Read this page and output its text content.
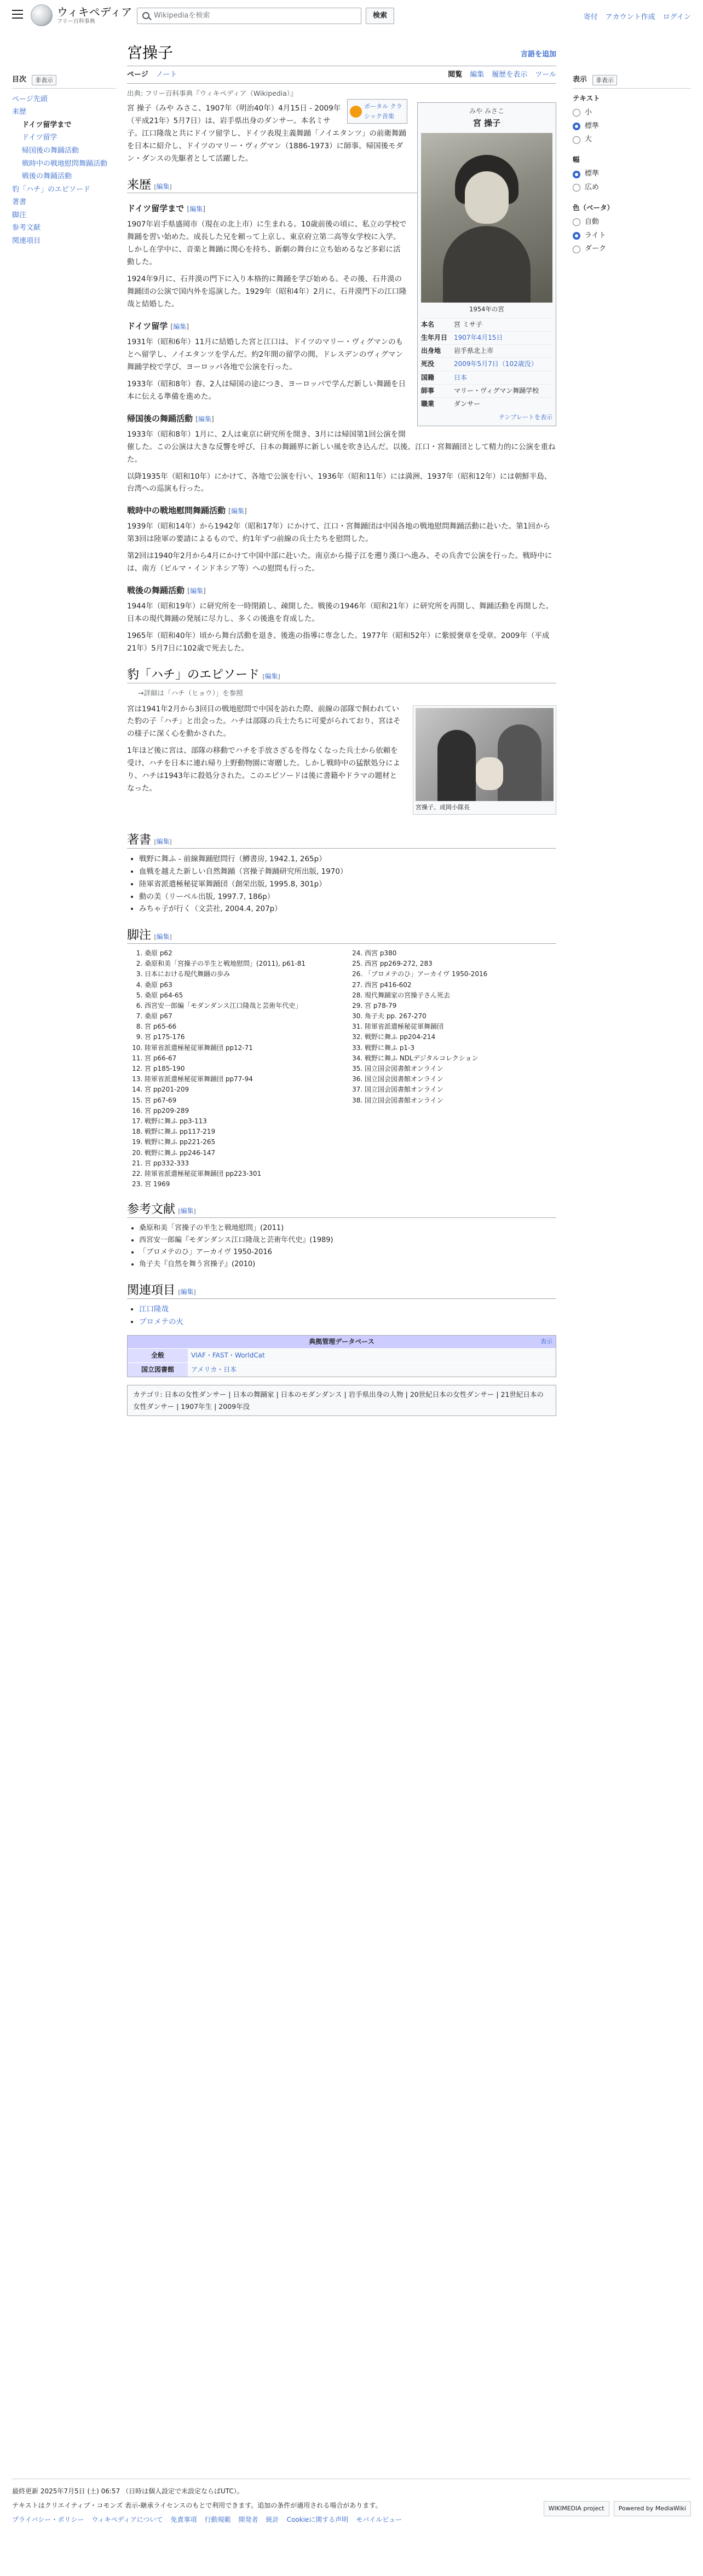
ウィキペディア
フリー百科事典
Wikipediaを検索	検索	寄付 アカウント作成 ログイン
目次	非表示
ページ先頭
来歴
ドイツ留学まで
ドイツ留学
帰国後の舞踊活動
戦時中の戦地慰問舞踊活動
戦後の舞踊活動
豹「ハチ」のエピソード
著書
脚注
参考文献
関連項目
宮操子	言語を追加
ページ ノート	閲覧 編集 履歴を表示 ツール
出典: フリー百科事典『ウィキペディア（Wikipedia）』
みや みさこ
宮 操子
1954年の宮
本名	宮 ミサ子
生年月日 1907年4月15日
出身地	岩手県北上市
死没	2009年5月7日（102歳没）
国籍	日本
師事	マリー・ヴィグマン舞踊学校
職業	ダンサー
テンプレートを表示
ポータル クラシック音楽

宮 操子（みや みさこ、1907年（明治40年）4月15日 - 2009年（平成21年）5月7日）は、岩手県出身のダンサー。本名ミサ子。江口隆哉と共にドイツ留学し、ドイツ表現主義舞踊「ノイエタンツ」の前衛舞踊を日本に紹介し、ドイツのマリー・ヴィグマン（1886-1973）に師事。帰国後モダン・ダンスの先駆者として活躍した。

来歴 [編集]
ドイツ留学まで [編集]

1907年岩手県盛岡市（現在の北上市）に生まれる。10歳前後の頃に、私立の学校で舞踊を習い始めた。成長した兄を頼って上京し、東京府立第二高等女学校に入学。しかし在学中に、音楽と舞踊に関心を持ち、新劇の舞台に立ち始めるなど多彩に活動した。

1924年9月に、石井漠の門下に入り本格的に舞踊を学び始める。その後、石井漠の舞踊団の公演で国内外を巡演した。1929年（昭和4年）2月に、石井漠門下の江口隆哉と結婚した。

ドイツ留学 [編集]

1931年（昭和6年）11月に結婚した宮と江口は、ドイツのマリー・ヴィグマンのもとへ留学し、ノイエタンツを学んだ。約2年間の留学の間、ドレスデンのヴィグマン舞踊学校で学び、ヨーロッパ各地で公演を行った。

1933年（昭和8年）春、2人は帰国の途につき、ヨーロッパで学んだ新しい舞踊を日本に伝える準備を進めた。

帰国後の舞踊活動 [編集]

1933年（昭和8年）1月に、2人は東京に研究所を開き、3月には帰国第1回公演を開催した。この公演は大きな反響を呼び、日本の舞踊界に新しい風を吹き込んだ。以後、江口・宮舞踊団として精力的に公演を重ねた。

以降1935年（昭和10年）にかけて、各地で公演を行い、1936年（昭和11年）には満洲、1937年（昭和12年）には朝鮮半島、台湾への巡演も行った。

戦時中の戦地慰問舞踊活動 [編集]

1939年（昭和14年）から1942年（昭和17年）にかけて、江口・宮舞踊団は中国各地の戦地慰問舞踊活動に赴いた。第1回から第3回は陸軍の要請によるもので、約1年ずつ前線の兵士たちを慰問した。

第2回は1940年2月から4月にかけて中国中部に赴いた。南京から揚子江を遡り漢口へ進み、その兵舎で公演を行った。戦時中には、南方（ビルマ・インドネシア等）への慰問も行った。

戦後の舞踊活動 [編集]

1944年（昭和19年）に研究所を一時閉鎖し、疎開した。戦後の1946年（昭和21年）に研究所を再開し、舞踊活動を再開した。日本の現代舞踊の発展に尽力し、多くの後進を育成した。

1965年（昭和40年）頃から舞台活動を退き、後進の指導に専念した。1977年（昭和52年）に紫綬褒章を受章。2009年（平成21年）5月7日に102歳で死去した。

豹「ハチ」のエピソード [編集]
→詳細は「ハチ（ヒョウ）」を参照
宮操子、成岡小隊長

宮は1941年2月から3回目の戦地慰問で中国を訪れた際、前線の部隊で飼われていた豹の子「ハチ」と出会った。ハチは部隊の兵士たちに可愛がられており、宮はその様子に深く心を動かされた。

1年ほど後に宮は、部隊の移動でハチを手放さざるを得なくなった兵士から依頼を受け、ハチを日本に連れ帰り上野動物園に寄贈した。しかし戦時中の猛獣処分により、ハチは1943年に殺処分された。このエピソードは後に書籍やドラマの題材となった。

著書 [編集]
• 戦野に舞ふ - 前線舞踊慰問行（鱒書房, 1942.1, 265p）
• 血戦を越えた新しい自然舞踊（宮操子舞踊研究所出版, 1970）
• 陸軍省派遣極秘従軍舞踊団（創栄出版, 1995.8, 301p）
• 動の美（リーベル出版, 1997.7, 186p）
• みちゃ子が行く（文芸社, 2004.4, 207p）
脚注 [編集]
1. 桑原 p62
2. 桑原和美「宮操子の半生と戦地慰問」(2011), p61-81
3. 日本における現代舞踊の歩み
4. 桑原 p63
5. 桑原 p64-65
6. 西宮安一郎編「モダンダンス江口隆哉と芸術年代史」
7. 桑原 p67
8. 宮 p65-66
9. 宮 p175-176
10. 陸軍省派遣極秘従軍舞踊団 pp12-71
11. 宮 p66-67
12. 宮 p185-190
13. 陸軍省派遣極秘従軍舞踊団 pp77-94
14. 宮 pp201-209
15. 宮 p67-69
16. 宮 pp209-289
17. 戦野に舞ふ pp3-113
18. 戦野に舞ふ pp117-219
19. 戦野に舞ふ pp221-265
20. 戦野に舞ふ pp246-147
21. 宮 pp332-333
22. 陸軍省派遣極秘従軍舞踊団 pp223-301
23. 宮 1969
24. 西宮 p380
25. 西宮 pp269-272, 283
26. 「ブロメテのひ」アーカイヴ 1950-2016
27. 西宮 p416-602
28. 現代舞踊家の宮操子さん死去
29. 宮 p78-79
30. 角子夫 pp. 267-270
31. 陸軍省派遣極秘従軍舞踊団
32. 戦野に舞ふ pp204-214
33. 戦野に舞ふ p1-3
34. 戦野に舞ふ NDLデジタルコレクション
35. 国立国会図書館オンライン
36. 国立国会図書館オンライン
37. 国立国会図書館オンライン
38. 国立国会図書館オンライン
参考文献 [編集]
• 桑原和美「宮操子の半生と戦地慰問」(2011)
• 西宮安一郎編『モダンダンス江口隆哉と芸術年代史』(1989)
• 「ブロメテのひ」アーカイヴ 1950-2016
• 角子夫『自然を舞う宮操子』(2010)
関連項目 [編集]
• 江口隆哉
• プロメテの火
典拠管理データベース	表示
全般	VIAF・FAST・WorldCat
国立図書館	アメリカ・日本
カテゴリ: 日本の女性ダンサー | 日本の舞踊家 | 日本のモダンダンス | 岩手県出身の人物 | 20世紀日本の女性ダンサー | 21世紀日本の女性ダンサー | 1907年生 | 2009年没
表示	非表示
テキスト
小
標準
大
幅
標準
広め
色（ベータ）
自動
ライト
ダーク

最終更新 2025年7月5日 (土) 06:57 （日時は個人設定で未設定ならばUTC）。

テキストはクリエイティブ・コモンズ 表示-継承ライセンスのもとで利用できます。追加の条件が適用される場合があります。

プライバシー・ポリシー ウィキペディアについて 免責事項 行動規範 開発者 統計 Cookieに関する声明 モバイルビュー
WIKIMEDIA project	Powered by MediaWiki
